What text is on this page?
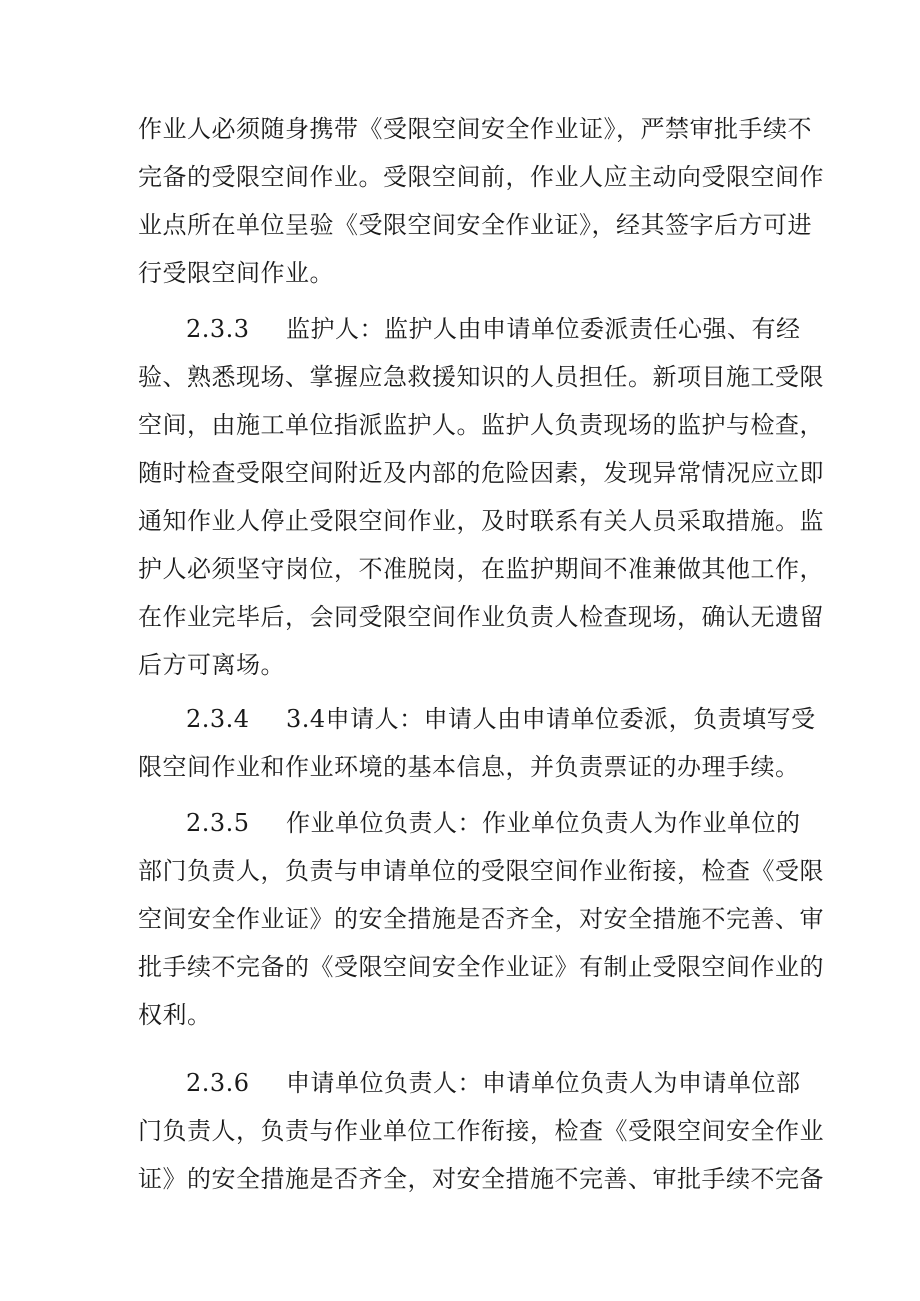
作业人必须随身携带《受限空间安全作业证》，严禁审批手续不
完备的受限空间作业。受限空间前，作业人应主动向受限空间作
业点所在单位呈验《受限空间安全作业证》，经其签字后方可进
行受限空间作业。
2.3.3 监护人：监护人由申请单位委派责任心强、有经
验、熟悉现场、掌握应急救援知识的人员担任。新项目施工受限
空间，由施工单位指派监护人。监护人负责现场的监护与检查，
随时检查受限空间附近及内部的危险因素，发现异常情况应立即
通知作业人停止受限空间作业，及时联系有关人员采取措施。监
护人必须坚守岗位，不准脱岗，在监护期间不准兼做其他工作，
在作业完毕后，会同受限空间作业负责人检查现场，确认无遗留
后方可离场。
2.3.4 3.4申请人：申请人由申请单位委派，负责填写受
限空间作业和作业环境的基本信息，并负责票证的办理手续。
2.3.5 作业单位负责人：作业单位负责人为作业单位的
部门负责人，负责与申请单位的受限空间作业衔接，检查《受限
空间安全作业证》的安全措施是否齐全，对安全措施不完善、审
批手续不完备的《受限空间安全作业证》有制止受限空间作业的
权利。
2.3.6 申请单位负责人：申请单位负责人为申请单位部
门负责人，负责与作业单位工作衔接，检查《受限空间安全作业
证》的安全措施是否齐全，对安全措施不完善、审批手续不完备
